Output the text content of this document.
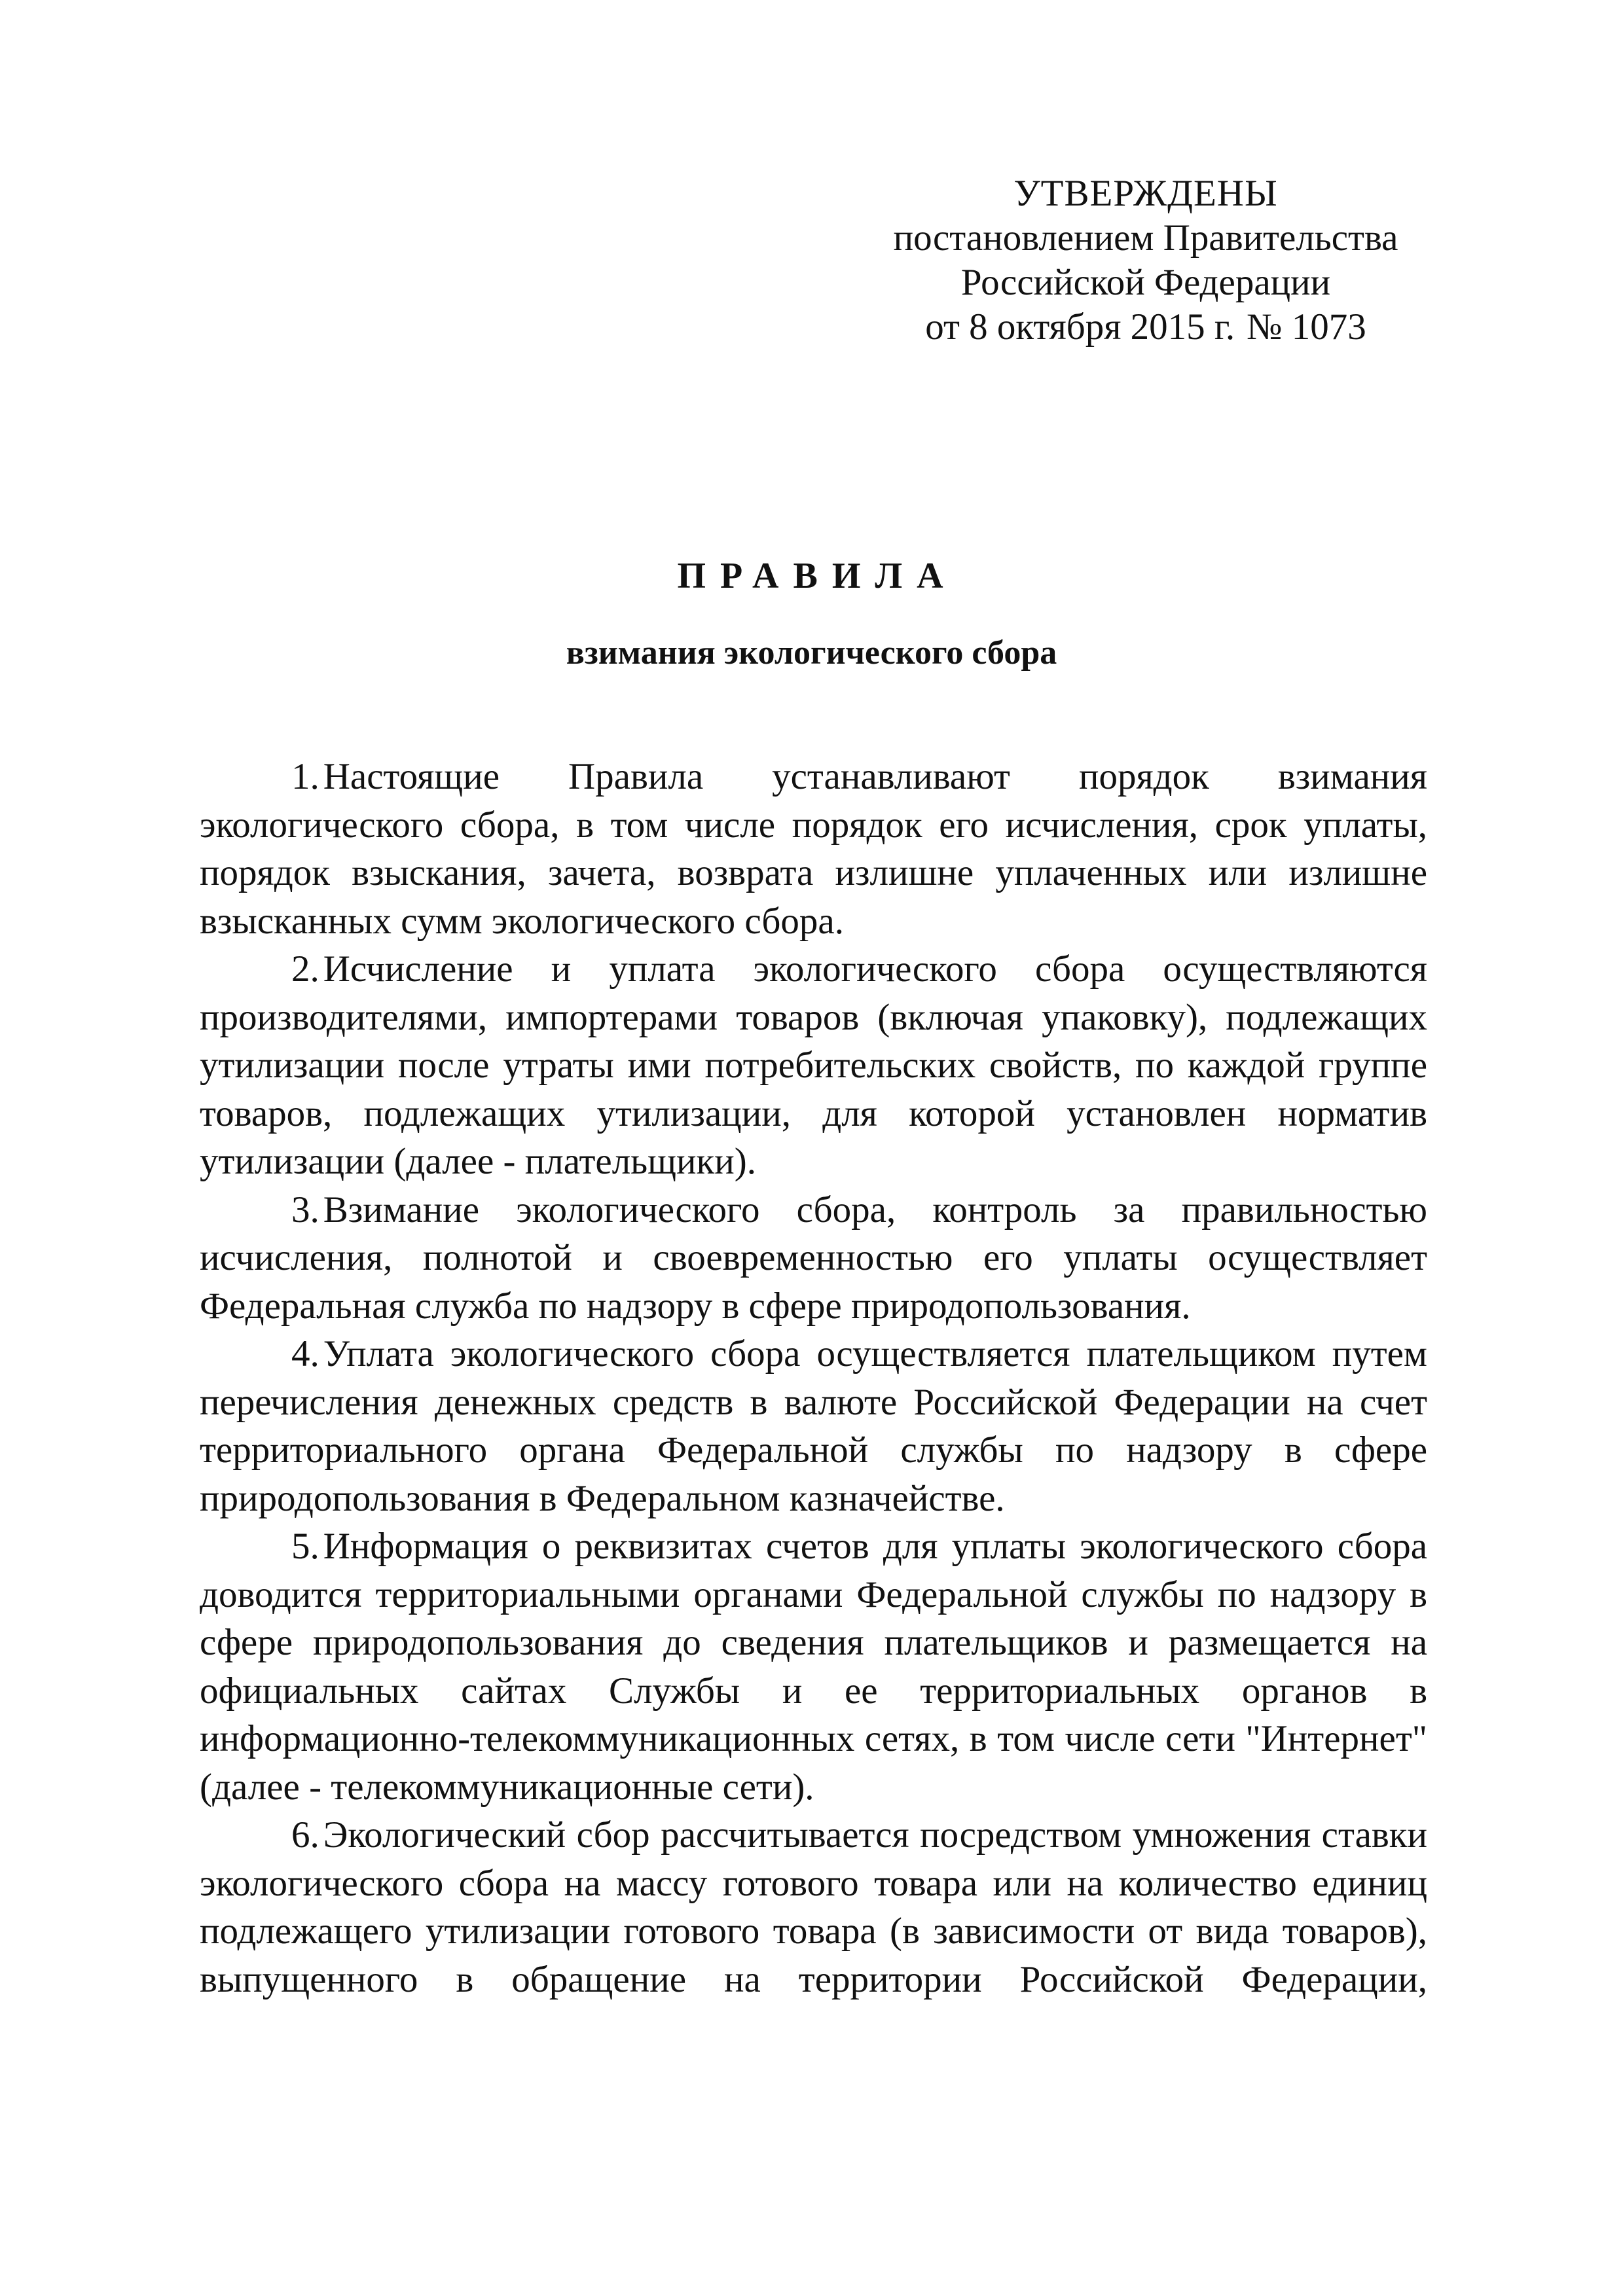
УТВЕРЖДЕНЫ
постановлением Правительства
Российской Федерации
от 8 октября 2015 г. № 1073
ПРАВИЛА
взимания экологического сбора

1. Настоящие Правила устанавливают порядок взимания экологического сбора, в том числе порядок его исчисления, срок уплаты, порядок взыскания, зачета, возврата излишне уплаченных или излишне взысканных сумм экологического сбора.

2. Исчисление и уплата экологического сбора осуществляются производителями, импортерами товаров (включая упаковку), подлежащих утилизации после утраты ими потребительских свойств, по каждой группе товаров, подлежащих утилизации, для которой установлен норматив утилизации (далее - плательщики).

3. Взимание экологического сбора, контроль за правильностью исчисления, полнотой и своевременностью его уплаты осуществляет Федеральная служба по надзору в сфере природопользования.

4. Уплата экологического сбора осуществляется плательщиком путем перечисления денежных средств в валюте Российской Федерации на счет территориального органа Федеральной службы по надзору в сфере природопользования в Федеральном казначействе.

5. Информация о реквизитах счетов для уплаты экологического сбора доводится территориальными органами Федеральной службы по надзору в сфере природопользования до сведения плательщиков и размещается на официальных сайтах Службы и ее территориальных органов в информационно-телекоммуникационных сетях, в том числе сети "Интернет" (далее - телекоммуникационные сети).

6. Экологический сбор рассчитывается посредством умножения ставки экологического сбора на массу готового товара или на количество единиц подлежащего утилизации готового товара (в зависимости от вида товаров), выпущенного в обращение на территории Российской Федерации,
